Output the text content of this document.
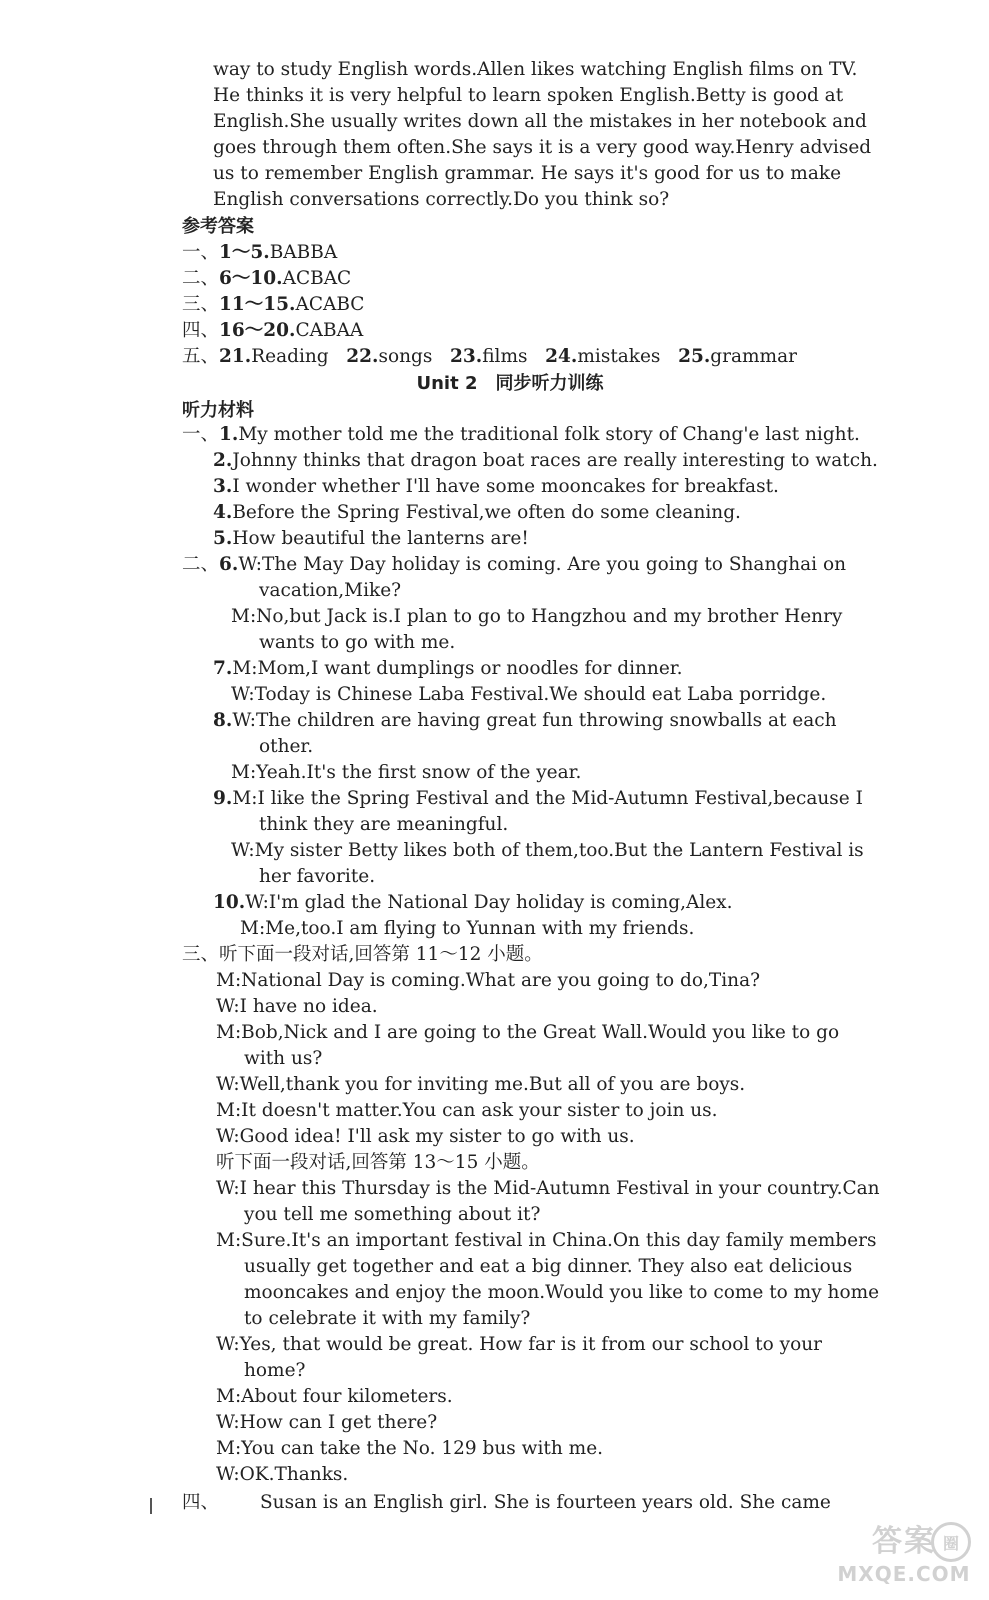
way to study English words.Allen likes watching English films on TV.
He thinks it is very helpful to learn spoken English.Betty is good at
English.She usually writes down all the mistakes in her notebook and
goes through them often.She says it is a very good way.Henry advised
us to remember English grammar. He says it's good for us to make
English conversations correctly.Do you think so?
参考答案
一、1～5.BABBA
二、6～10.ACBAC
三、11～15.ACABC
四、16～20.CABAA
五、21.Reading 22.songs 23.films 24.mistakes 25.grammar
Unit 2　同步听力训练
听力材料
一、1.My mother told me the traditional folk story of Chang'e last night.
2.Johnny thinks that dragon boat races are really interesting to watch.
3.I wonder whether I'll have some mooncakes for breakfast.
4.Before the Spring Festival,we often do some cleaning.
5.How beautiful the lanterns are!
二、6.W:The May Day holiday is coming. Are you going to Shanghai on
vacation,Mike?
M:No,but Jack is.I plan to go to Hangzhou and my brother Henry
wants to go with me.
7.M:Mom,I want dumplings or noodles for dinner.
W:Today is Chinese Laba Festival.We should eat Laba porridge.
8.W:The children are having great fun throwing snowballs at each
other.
M:Yeah.It's the first snow of the year.
9.M:I like the Spring Festival and the Mid-Autumn Festival,because I
think they are meaningful.
W:My sister Betty likes both of them,too.But the Lantern Festival is
her favorite.
10.W:I'm glad the National Day holiday is coming,Alex.
M:Me,too.I am flying to Yunnan with my friends.
三、听下面一段对话,回答第 11～12 小题。
M:National Day is coming.What are you going to do,Tina?
W:I have no idea.
M:Bob,Nick and I are going to the Great Wall.Would you like to go
with us?
W:Well,thank you for inviting me.But all of you are boys.
M:It doesn't matter.You can ask your sister to join us.
W:Good idea! I'll ask my sister to go with us.
听下面一段对话,回答第 13～15 小题。
W:I hear this Thursday is the Mid-Autumn Festival in your country.Can
you tell me something about it?
M:Sure.It's an important festival in China.On this day family members
usually get together and eat a big dinner. They also eat delicious
mooncakes and enjoy the moon.Would you like to come to my home
to celebrate it with my family?
W:Yes, that would be great. How far is it from our school to your
home?
M:About four kilometers.
W:How can I get there?
M:You can take the No. 129 bus with me.
W:OK.Thanks.
四、 Susan is an English girl. She is fourteen years old. She came
答案 圈
MXQE.COM
